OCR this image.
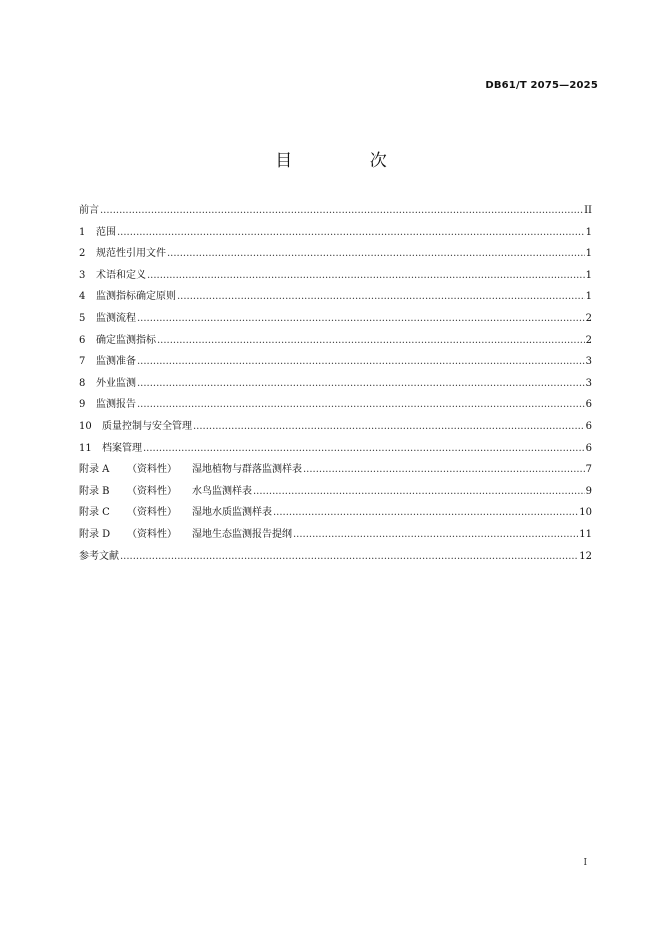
DB61/T 2075—2025
目 次
前言 .....	II
1	范围 .....	1
2	规范性引用文件 .....	1
3	术语和定义 .....	1
4	监测指标确定原则 .....	1
5	监测流程 .....	2
6	确定监测指标 .....	2
7	监测准备 .....	3
8	外业监测 .....	3
9	监测报告 .....	6
10	质量控制与安全管理 .....	6
11	档案管理 .....	6
附录 A	（资料性）	湿地植物与群落监测样表 .....	7
附录 B	（资料性）	水鸟监测样表 .....	9
附录 C	（资料性）	湿地水质监测样表 .....	10
附录 D	（资料性）	湿地生态监测报告提纲 .....	11
参考文献 .....	12
I
